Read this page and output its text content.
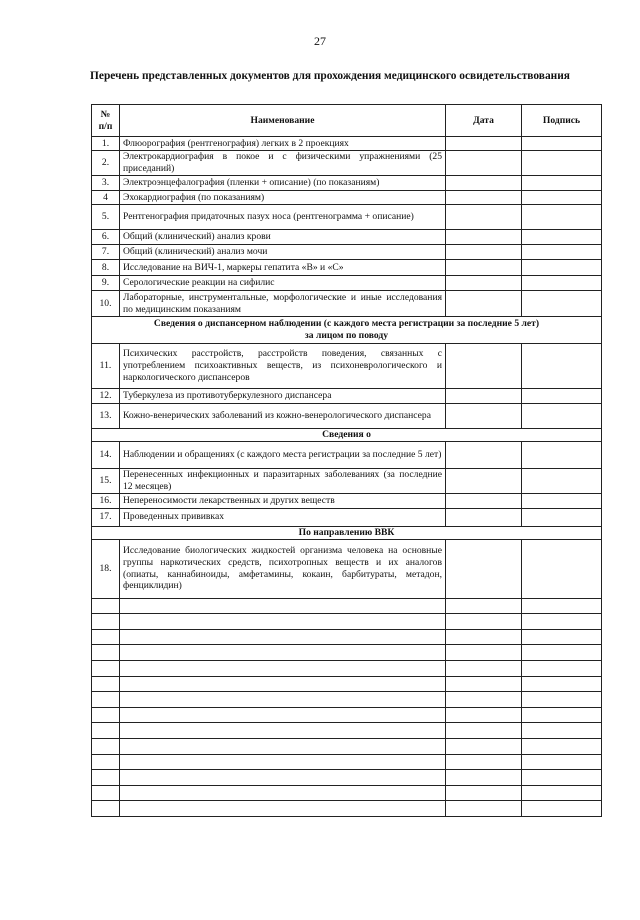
27
Перечень представленных документов для прохождения медицинского освидетельствования
№
п/п	Наименование	Дата	Подпись
1.	Флюорография (рентгенография) легких в 2 проекциях		
2.	Электрокардиография в покое и с физическими упражнениями (25 приседаний)		
3.	Электроэнцефалография (пленки + описание) (по показаниям)		
4	Эхокардиография (по показаниям)		
5.	Рентгенография придаточных пазух носа (рентгенограмма + описание)		
6.	Общий (клинический) анализ крови		
7.	Общий (клинический) анализ мочи		
8.	Исследование на ВИЧ-1, маркеры гепатита «В» и «С»		
9.	Серологические реакции на сифилис		
10.	Лабораторные, инструментальные, морфологические и иные исследования по медицинским показаниям		
Сведения о диспансерном наблюдении (с каждого места регистрации за последние 5 лет)
за лицом по поводу			
11.	Психических расстройств, расстройств поведения, связанных с употреблением психоактивных веществ, из психоневрологического и наркологического диспансеров		
12.	Туберкулеза из противотуберкулезного диспансера		
13.	Кожно-венерических заболеваний из кожно-венерологического диспансера		
Сведения о			
14.	Наблюдении и обращениях (с каждого места регистрации за последние 5 лет)		
15.	Перенесенных инфекционных и паразитарных заболеваниях (за последние 12 месяцев)		
16.	Непереносимости лекарственных и других веществ		
17.	Проведенных прививках		
По направлению ВВК			
18.	Исследование биологических жидкостей организма человека на основные группы наркотических средств, психотропных веществ и их аналогов (опиаты, каннабиноиды, амфетамины, кокаин, барбитураты, метадон, фенциклидин)		
